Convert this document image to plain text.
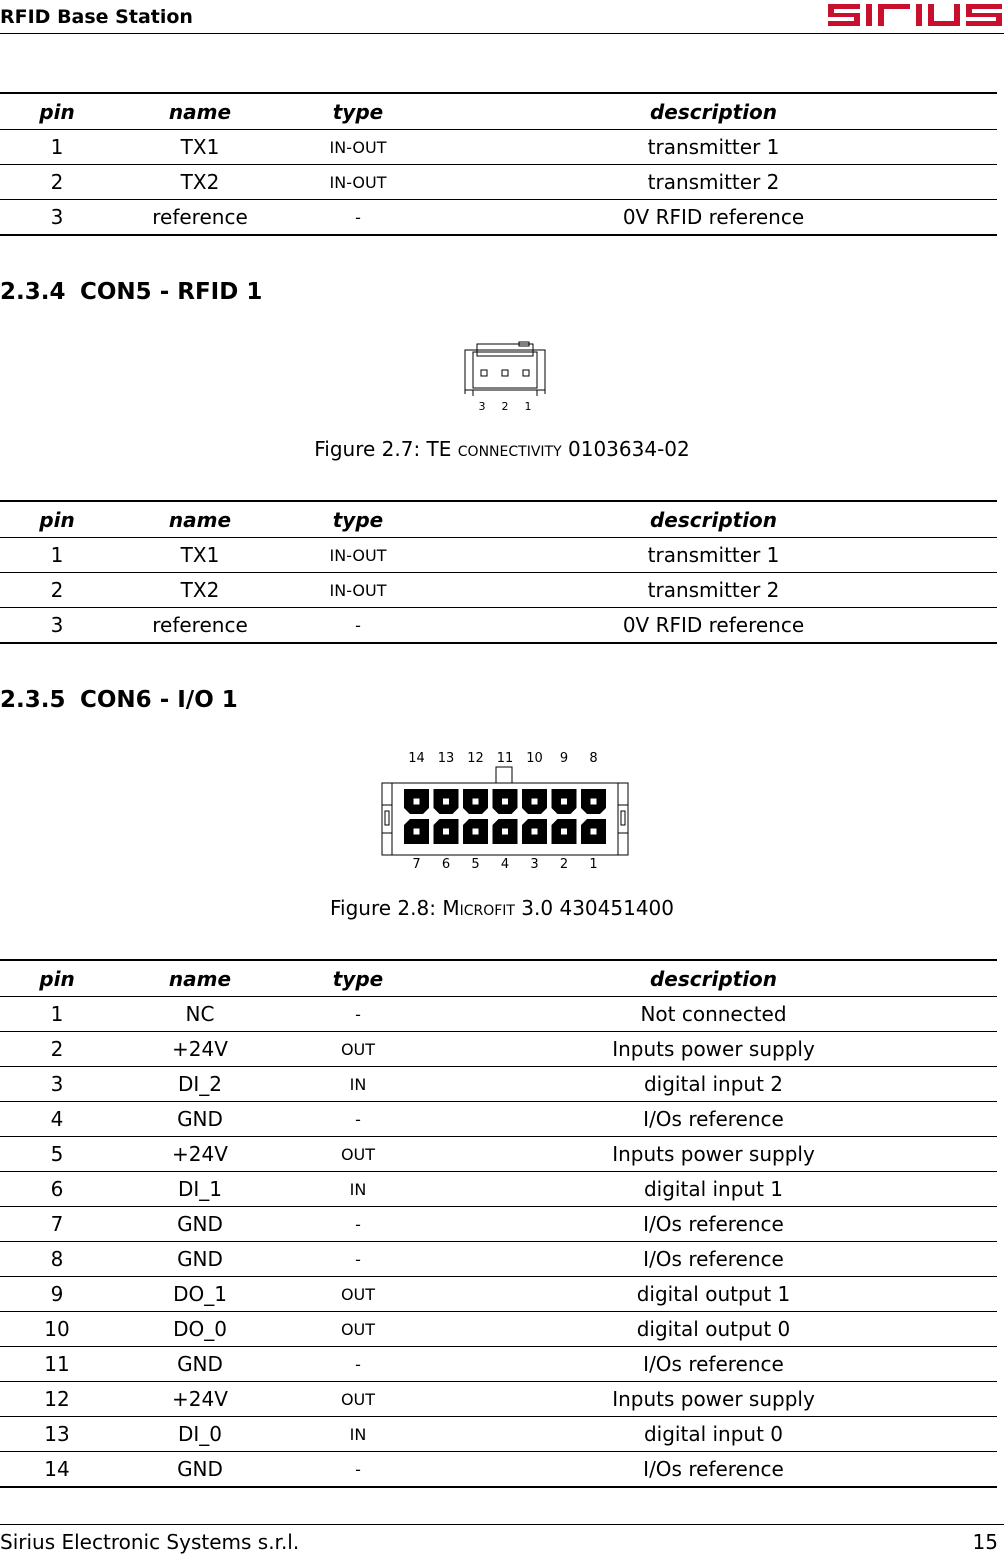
RFID Base Station
pin	name	type	description
1	TX1	IN-OUT	transmitter 1
2	TX2	IN-OUT	transmitter 2
3	reference	-	0V RFID reference
2.3.4 CON5 - RFID 1
3 2 1
Figure 2.7: TE connectivity 0103634-02
pin	name	type	description
1	TX1	IN-OUT	transmitter 1
2	TX2	IN-OUT	transmitter 2
3	reference	-	0V RFID reference
2.3.5 CON6 - I/O 1
14
7
13
6
12
5
11
4
10
3
9
2
8
1
Figure 2.8: Microfit 3.0 430451400
pin	name	type	description
1	NC	-	Not connected
2	+24V	OUT	Inputs power supply
3	DI_2	IN	digital input 2
4	GND	-	I/Os reference
5	+24V	OUT	Inputs power supply
6	DI_1	IN	digital input 1
7	GND	-	I/Os reference
8	GND	-	I/Os reference
9	DO_1	OUT	digital output 1
10	DO_0	OUT	digital output 0
11	GND	-	I/Os reference
12	+24V	OUT	Inputs power supply
13	DI_0	IN	digital input 0
14	GND	-	I/Os reference
Sirius Electronic Systems s.r.l.	15
